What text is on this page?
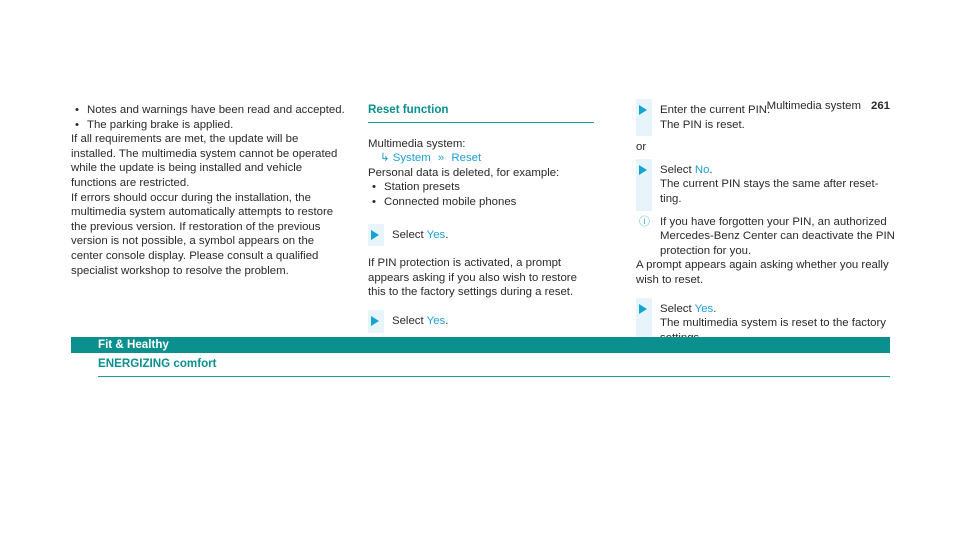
Multimedia system 261
• Notes and warnings have been read and accepted.
• The parking brake is applied.

If all requirements are met, the update will be installed. The multimedia system cannot be operated while the update is being installed and vehicle functions are restricted.

If errors should occur during the installation, the multimedia system automatically attempts to restore the previous version. If restoration of the previous version is not possible, a symbol appears on the center console display. Please consult a qualified specialist workshop to resolve the problem.

Reset function

Multimedia system:

↳ System » Reset

Personal data is deleted, for example:

• Station presets
• Connected mobile phones
Select Yes.

If PIN protection is activated, a prompt appears asking if you also wish to restore this to the factory settings during a reset.

Select Yes.
Enter the current PIN.
The PIN is reset.

or

Select No.
The current PIN stays the same after reset-ting.
ⓘ If you have forgotten your PIN, an authorized Mercedes-Benz Center can deactivate the PIN protection for you.

A prompt appears again asking whether you really wish to reset.

Select Yes.
The multimedia system is reset to the factory
Fit & Healthy
ENERGIZING comfort
